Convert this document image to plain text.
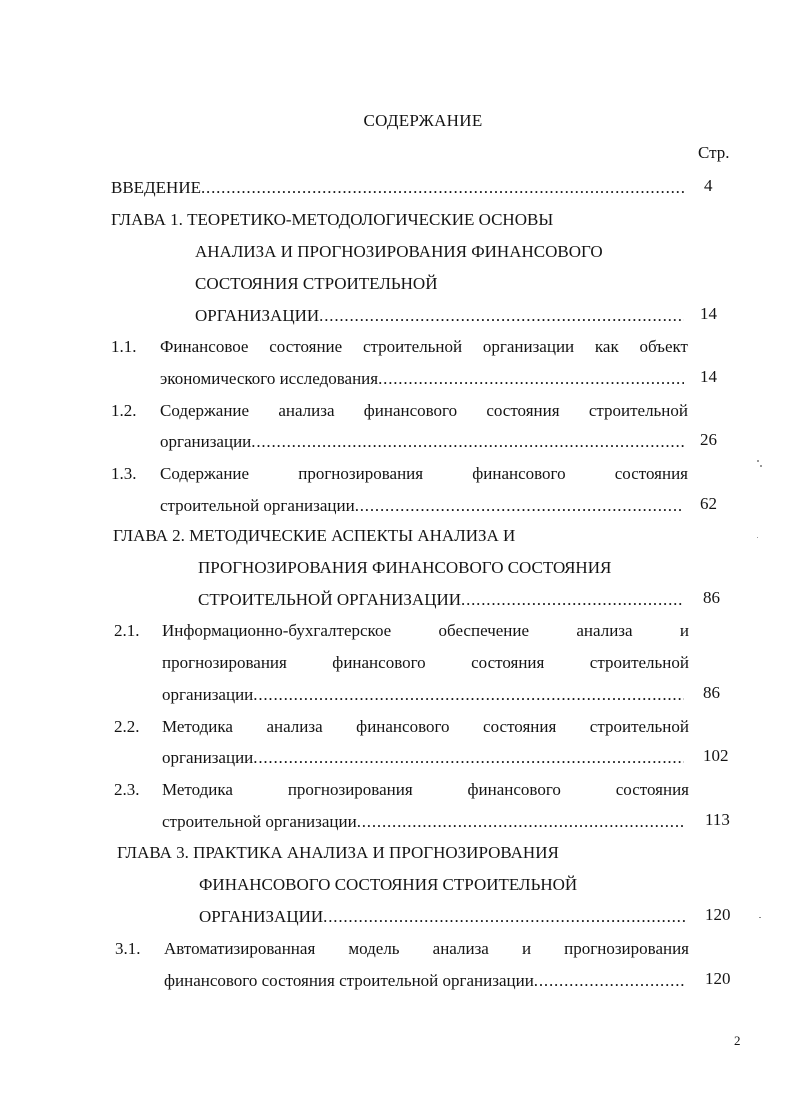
СОДЕРЖАНИЕ
Стр.
ВВЕДЕНИЕ .....	4
ГЛАВА 1. ТЕОРЕТИКО-МЕТОДОЛОГИЧЕСКИЕ ОСНОВЫ
АНАЛИЗА И ПРОГНОЗИРОВАНИЯ ФИНАНСОВОГО
СОСТОЯНИЯ СТРОИТЕЛЬНОЙ
ОРГАНИЗАЦИИ .....	14
1.1.	Финансовое состояние строительной организации как объект
экономического исследования .....	14
1.2.	Содержание анализа финансового состояния строительной
организации .....	26
1.3.	Содержание прогнозирования финансового состояния
строительной организации .....	62
ГЛАВА 2. МЕТОДИЧЕСКИЕ АСПЕКТЫ АНАЛИЗА И
ПРОГНОЗИРОВАНИЯ ФИНАНСОВОГО СОСТОЯНИЯ
СТРОИТЕЛЬНОЙ ОРГАНИЗАЦИИ .....	86
2.1.	Информационно-бухгалтерское обеспечение анализа и
прогнозирования финансового состояния строительной
организации .....	86
2.2.	Методика анализа финансового состояния строительной
организации .....	102
2.3.	Методика прогнозирования финансового состояния
строительной организации .....	113
ГЛАВА 3. ПРАКТИКА АНАЛИЗА И ПРОГНОЗИРОВАНИЯ
ФИНАНСОВОГО СОСТОЯНИЯ СТРОИТЕЛЬНОЙ
ОРГАНИЗАЦИИ .....	120
3.1.	Автоматизированная модель анализа и прогнозирования
финансового состояния строительной организации .....	120
2
